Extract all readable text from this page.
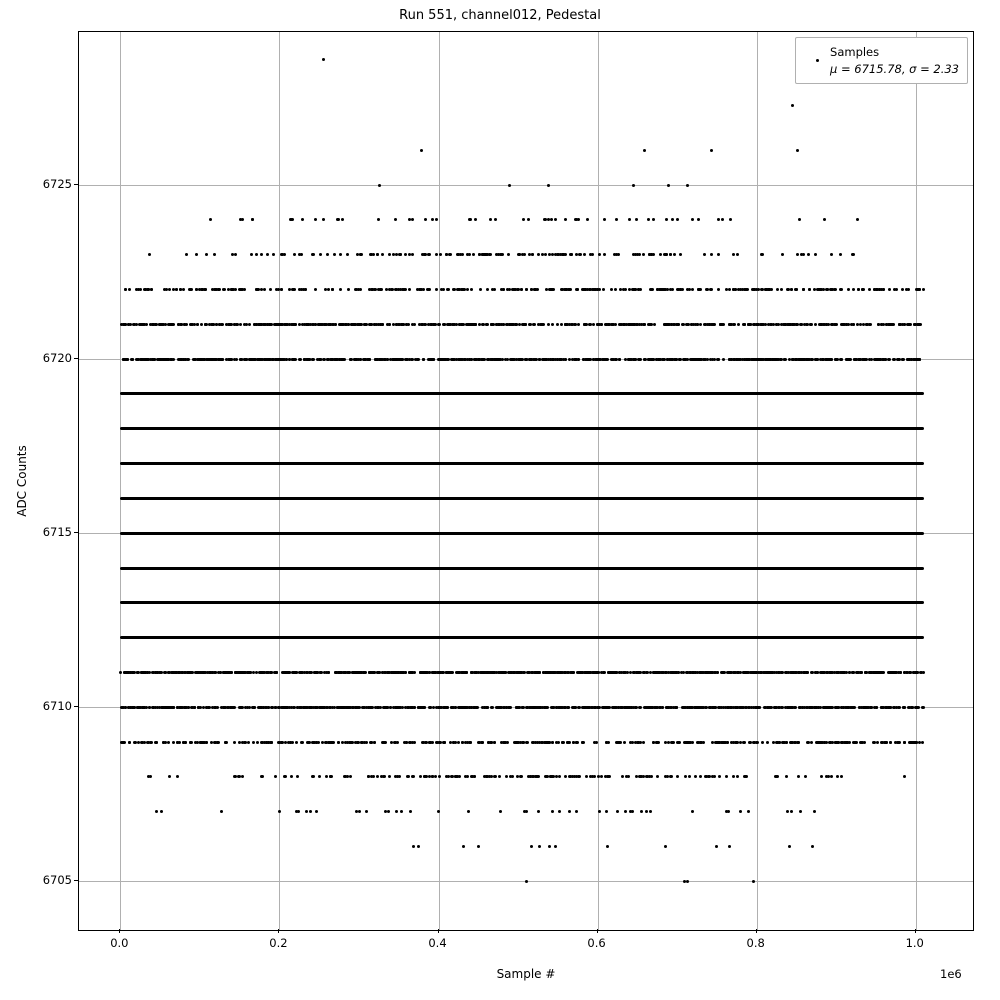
Run 551, channel012, Pedestal
Samples
μ = 6715.78, σ = 2.33
0.0	0.2	0.4	0.6	0.8	1.0
6705
6710
6715
6720
6725
Sample #	1e6
ADC Counts
